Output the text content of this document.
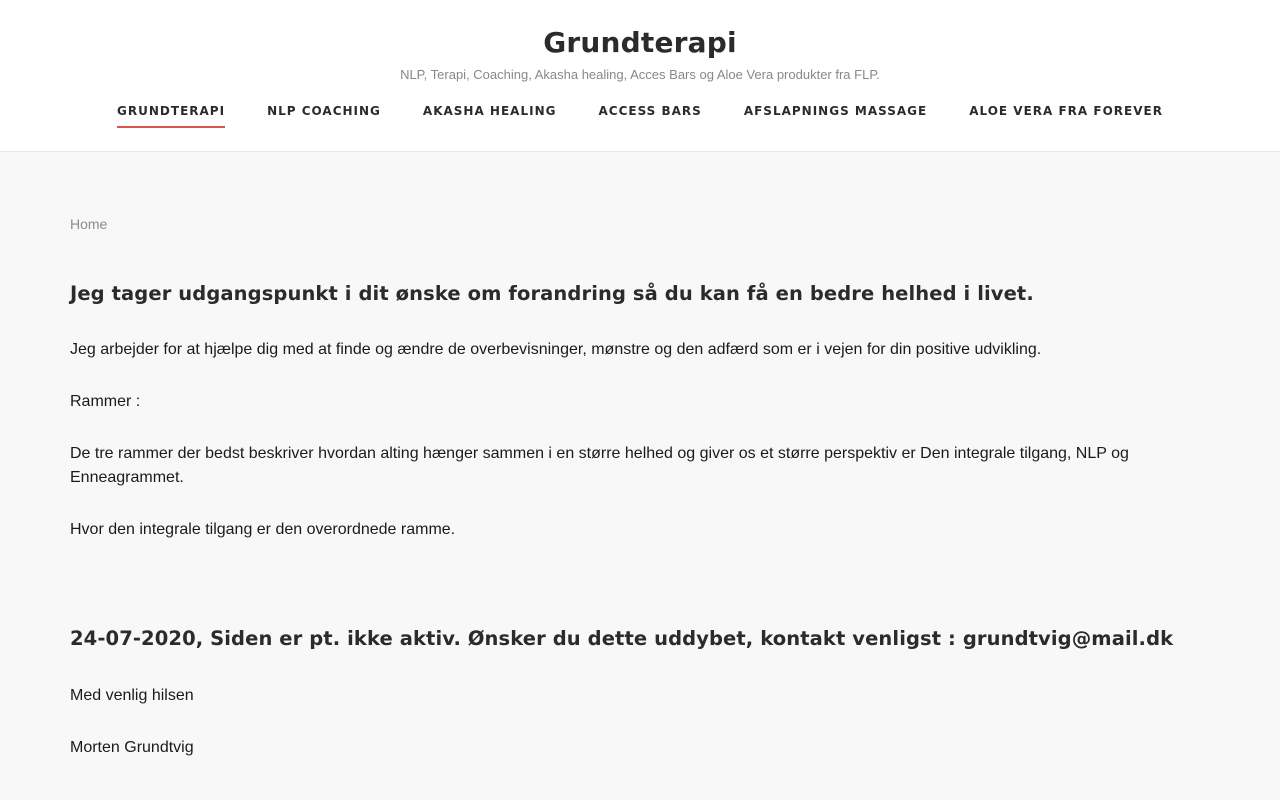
Grundterapi
NLP, Terapi, Coaching, Akasha healing, Acces Bars og Aloe Vera produkter fra FLP.
GRUNDTERAPI	NLP COACHING	AKASHA HEALING	ACCESS BARS	AFSLAPNINGS MASSAGE	ALOE VERA FRA FOREVER
Home
Jeg tager udgangspunkt i dit ønske om forandring så du kan få en bedre helhed i livet.

Jeg arbejder for at hjælpe dig med at finde og ændre de overbevisninger, mønstre og den adfærd som er i vejen for din positive udvikling.

Rammer :

De tre rammer der bedst beskriver hvordan alting hænger sammen i en større helhed og giver os et større perspektiv er Den integrale tilgang, NLP og Enneagrammet.

Hvor den integrale tilgang er den overordnede ramme.

24-07-2020, Siden er pt. ikke aktiv. Ønsker du dette uddybet, kontakt venligst : grundtvig@mail.dk

Med venlig hilsen

Morten Grundtvig
